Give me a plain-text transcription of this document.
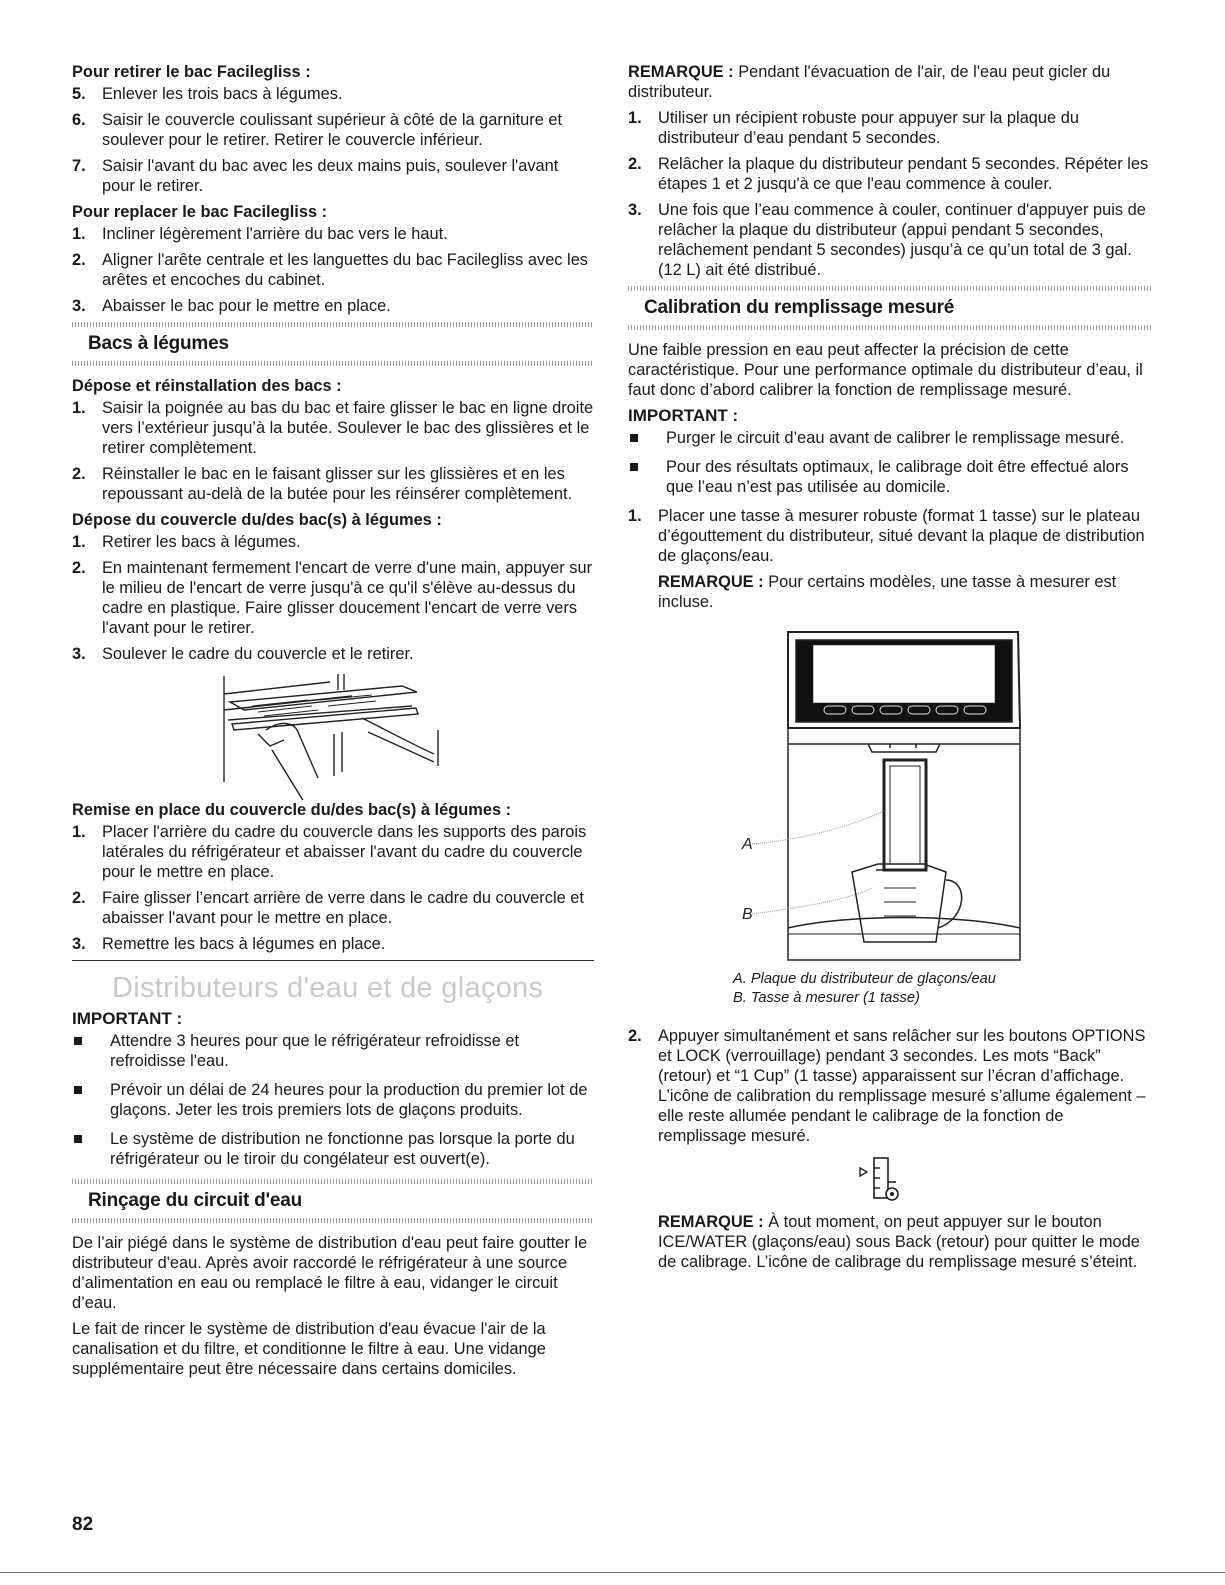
Pour retirer le bac Facilegliss :
5. Enlever les trois bacs à légumes.
6. Saisir le couvercle coulissant supérieur à côté de la garniture et soulever pour le retirer. Retirer le couvercle inférieur.
7. Saisir l'avant du bac avec les deux mains puis, soulever l'avant pour le retirer.
Pour replacer le bac Facilegliss :
1. Incliner légèrement l'arrière du bac vers le haut.
2. Aligner l'arête centrale et les languettes du bac Facilegliss avec les arêtes et encoches du cabinet.
3. Abaisser le bac pour le mettre en place.
Bacs à légumes
Dépose et réinstallation des bacs :
1. Saisir la poignée au bas du bac et faire glisser le bac en ligne droite vers l’extérieur jusqu’à la butée. Soulever le bac des glissières et le retirer complètement.
2. Réinstaller le bac en le faisant glisser sur les glissières et en les repoussant au-delà de la butée pour les réinsérer complètement.
Dépose du couvercle du/des bac(s) à légumes :
1. Retirer les bacs à légumes.
2. En maintenant fermement l'encart de verre d'une main, appuyer sur le milieu de l'encart de verre jusqu'à ce qu'il s'élève au-dessus du cadre en plastique. Faire glisser doucement l'encart de verre vers l'avant pour le retirer.
3. Soulever le cadre du couvercle et le retirer.
Remise en place du couvercle du/des bac(s) à légumes :
1. Placer l'arrière du cadre du couvercle dans les supports des parois latérales du réfrigérateur et abaisser l'avant du cadre du couvercle pour le mettre en place.
2. Faire glisser l’encart arrière de verre dans le cadre du couvercle et abaisser l'avant pour le mettre en place.
3. Remettre les bacs à légumes en place.
Distributeurs d'eau et de glaçons
IMPORTANT :
Attendre 3 heures pour que le réfrigérateur refroidisse et refroidisse l'eau.
Prévoir un délai de 24 heures pour la production du premier lot de glaçons. Jeter les trois premiers lots de glaçons produits.
Le système de distribution ne fonctionne pas lorsque la porte du réfrigérateur ou le tiroir du congélateur est ouvert(e).
Rinçage du circuit d'eau
De l’air piégé dans le système de distribution d'eau peut faire goutter le distributeur d'eau. Après avoir raccordé le réfrigérateur à une source d’alimentation en eau ou remplacé le filtre à eau, vidanger le circuit d’eau.
Le fait de rincer le système de distribution d'eau évacue l'air de la canalisation et du filtre, et conditionne le filtre à eau. Une vidange supplémentaire peut être nécessaire dans certains domiciles.
REMARQUE : Pendant l'évacuation de l'air, de l'eau peut gicler du distributeur.
1. Utiliser un récipient robuste pour appuyer sur la plaque du distributeur d’eau pendant 5 secondes.
2. Relâcher la plaque du distributeur pendant 5 secondes. Répéter les étapes 1 et 2 jusqu'à ce que l'eau commence à couler.
3. Une fois que l’eau commence à couler, continuer d'appuyer puis de relâcher la plaque du distributeur (appui pendant 5 secondes, relâchement pendant 5 secondes) jusqu’à ce qu’un total de 3 gal. (12 L) ait été distribué.
Calibration du remplissage mesuré
Une faible pression en eau peut affecter la précision de cette caractéristique. Pour une performance optimale du distributeur d’eau, il faut donc d’abord calibrer la fonction de remplissage mesuré.
IMPORTANT :
Purger le circuit d’eau avant de calibrer le remplissage mesuré.
Pour des résultats optimaux, le calibrage doit être effectué alors que l’eau n’est pas utilisée au domicile.
1. Placer une tasse à mesurer robuste (format 1 tasse) sur le plateau d’égouttement du distributeur, situé devant la plaque de distribution de glaçons/eau.
REMARQUE : Pour certains modèles, une tasse à mesurer est incluse.
A
B
A. Plaque du distributeur de glaçons/eau
B. Tasse à mesurer (1 tasse)
2. Appuyer simultanément et sans relâcher sur les boutons OPTIONS et LOCK (verrouillage) pendant 3 secondes. Les mots “Back” (retour) et “1 Cup” (1 tasse) apparaissent sur l’écran d’affichage. L’icône de calibration du remplissage mesuré s’allume également – elle reste allumée pendant le calibrage de la fonction de remplissage mesuré.
REMARQUE : À tout moment, on peut appuyer sur le bouton ICE/WATER (glaçons/eau) sous Back (retour) pour quitter le mode de calibrage. L’icône de calibrage du remplissage mesuré s’éteint.
82
